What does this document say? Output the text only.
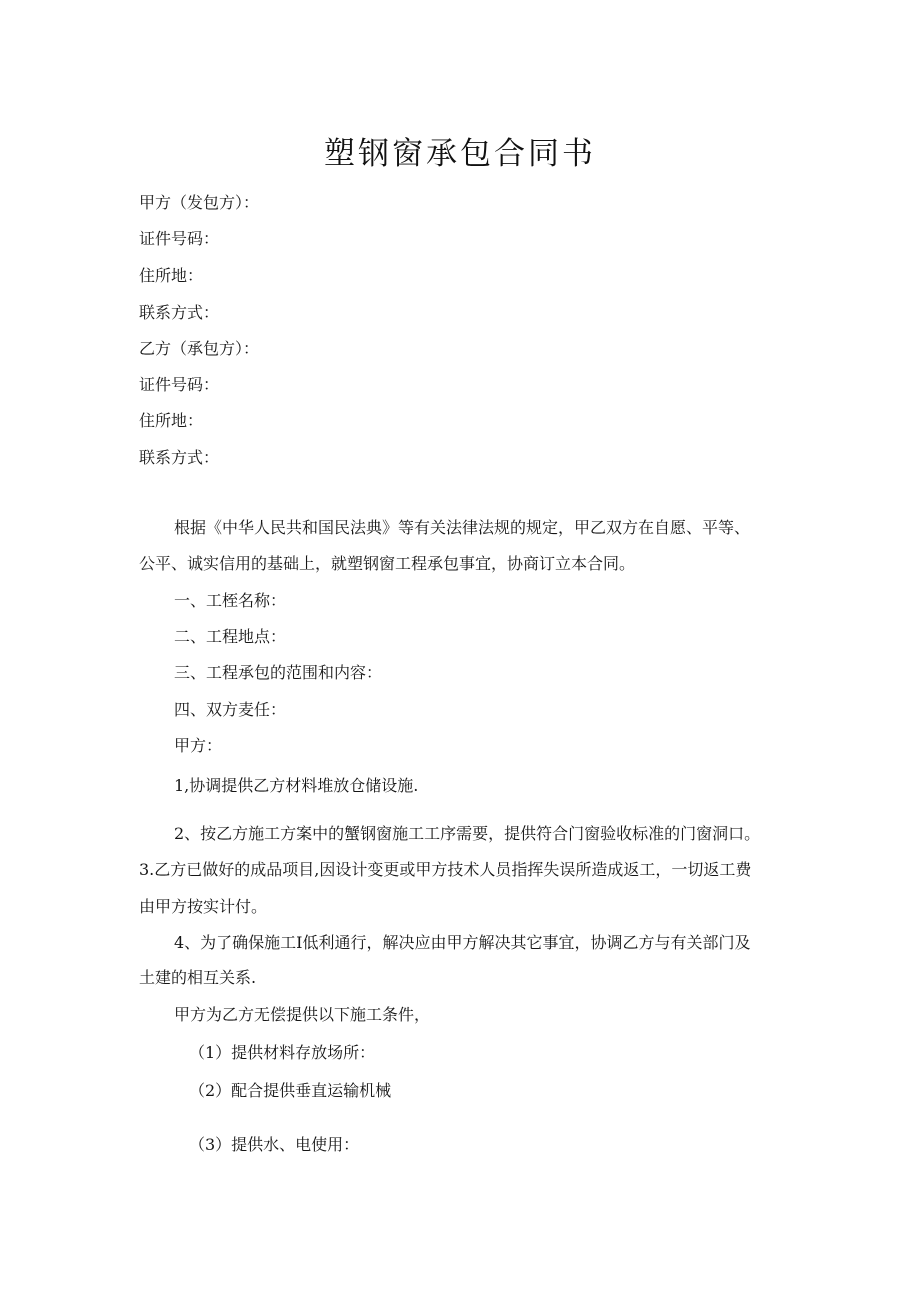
塑钢窗承包合同书
甲方（发包方）：
证件号码：
住所地：
联系方式：
乙方（承包方）：
证件号码：
住所地：
联系方式：
根据《中华人民共和国民法典》等有关法律法规的规定，甲乙双方在自愿、平等、
公平、诚实信用的基础上，就塑钢窗工程承包事宜，协商订立本合同。
一、工桎名称：
二、工程地点：
三、工程承包的范围和内容：
四、双方麦任：
甲方：
1,协调提供乙方材料堆放仓储设施.
2、按乙方施工方案中的蟹钢窗施工工序需要，提供符合门窗验收标准的门窗洞口。
3.乙方已做好的成品项目,因设计变更或甲方技术人员指挥失误所造成返工，一切返工费
由甲方按实计付。
4、为了确保施工I低利通行，解决应由甲方解决其它事宜，协调乙方与有关部门及
土建的相互关系.
甲方为乙方无偿提供以下施工条件，
（1）提供材料存放场所：
（2）配合提供垂直运输机械
（3）提供水、电使用：
